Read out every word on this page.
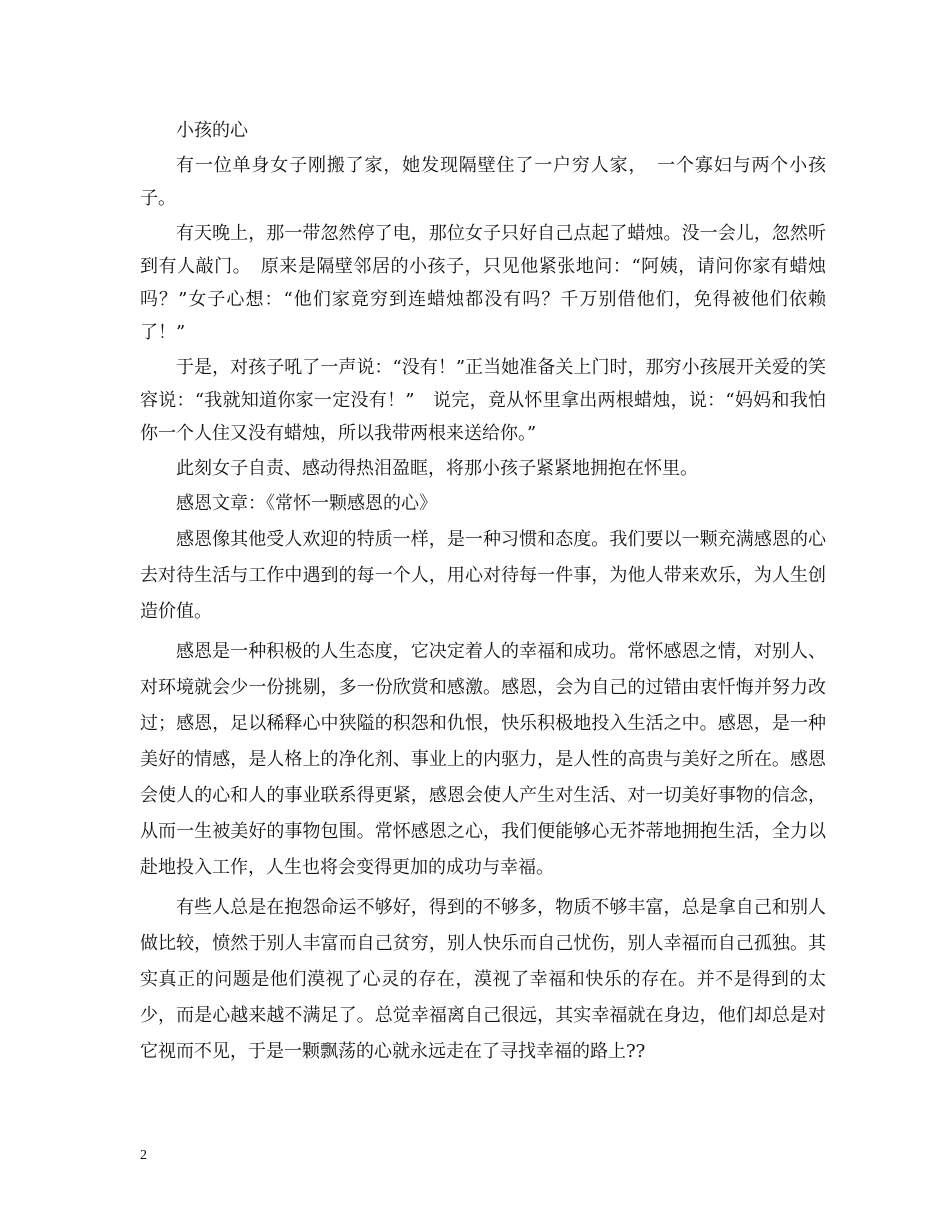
小孩的心

有一位单身女子刚搬了家，她发现隔壁住了一户穷人家，　一个寡妇与两个小孩子。

有天晚上，那一带忽然停了电，那位女子只好自己点起了蜡烛。没一会儿，忽然听到有人敲门。　原来是隔壁邻居的小孩子，只见他紧张地问：“阿姨，请问你家有蜡烛吗？”女子心想：“他们家竟穷到连蜡烛都没有吗？千万别借他们，免得被他们依赖了！”

于是，对孩子吼了一声说：“没有！”正当她准备关上门时，那穷小孩展开关爱的笑容说：“我就知道你家一定没有！”　说完，竟从怀里拿出两根蜡烛，说：“妈妈和我怕你一个人住又没有蜡烛，所以我带两根来送给你。”

此刻女子自责、感动得热泪盈眶，将那小孩子紧紧地拥抱在怀里。

感恩文章：《常怀一颗感恩的心》

感恩像其他受人欢迎的特质一样，是一种习惯和态度。我们要以一颗充满感恩的心去对待生活与工作中遇到的每一个人，用心对待每一件事，为他人带来欢乐，为人生创造价值。

感恩是一种积极的人生态度，它决定着人的幸福和成功。常怀感恩之情，对别人、对环境就会少一份挑剔，多一份欣赏和感激。感恩，会为自己的过错由衷忏悔并努力改过；感恩，足以稀释心中狭隘的积怨和仇恨，快乐积极地投入生活之中。感恩，是一种美好的情感，是人格上的净化剂、事业上的内驱力，是人性的高贵与美好之所在。感恩会使人的心和人的事业联系得更紧，感恩会使人产生对生活、对一切美好事物的信念，从而一生被美好的事物包围。常怀感恩之心，我们便能够心无芥蒂地拥抱生活，全力以赴地投入工作，人生也将会变得更加的成功与幸福。

有些人总是在抱怨命运不够好，得到的不够多，物质不够丰富，总是拿自己和别人做比较，愤然于别人丰富而自己贫穷，别人快乐而自己忧伤，别人幸福而自己孤独。其实真正的问题是他们漠视了心灵的存在，漠视了幸福和快乐的存在。并不是得到的太少，而是心越来越不满足了。总觉幸福离自己很远，其实幸福就在身边，他们却总是对它视而不见，于是一颗飘荡的心就永远走在了寻找幸福的路上??

2
